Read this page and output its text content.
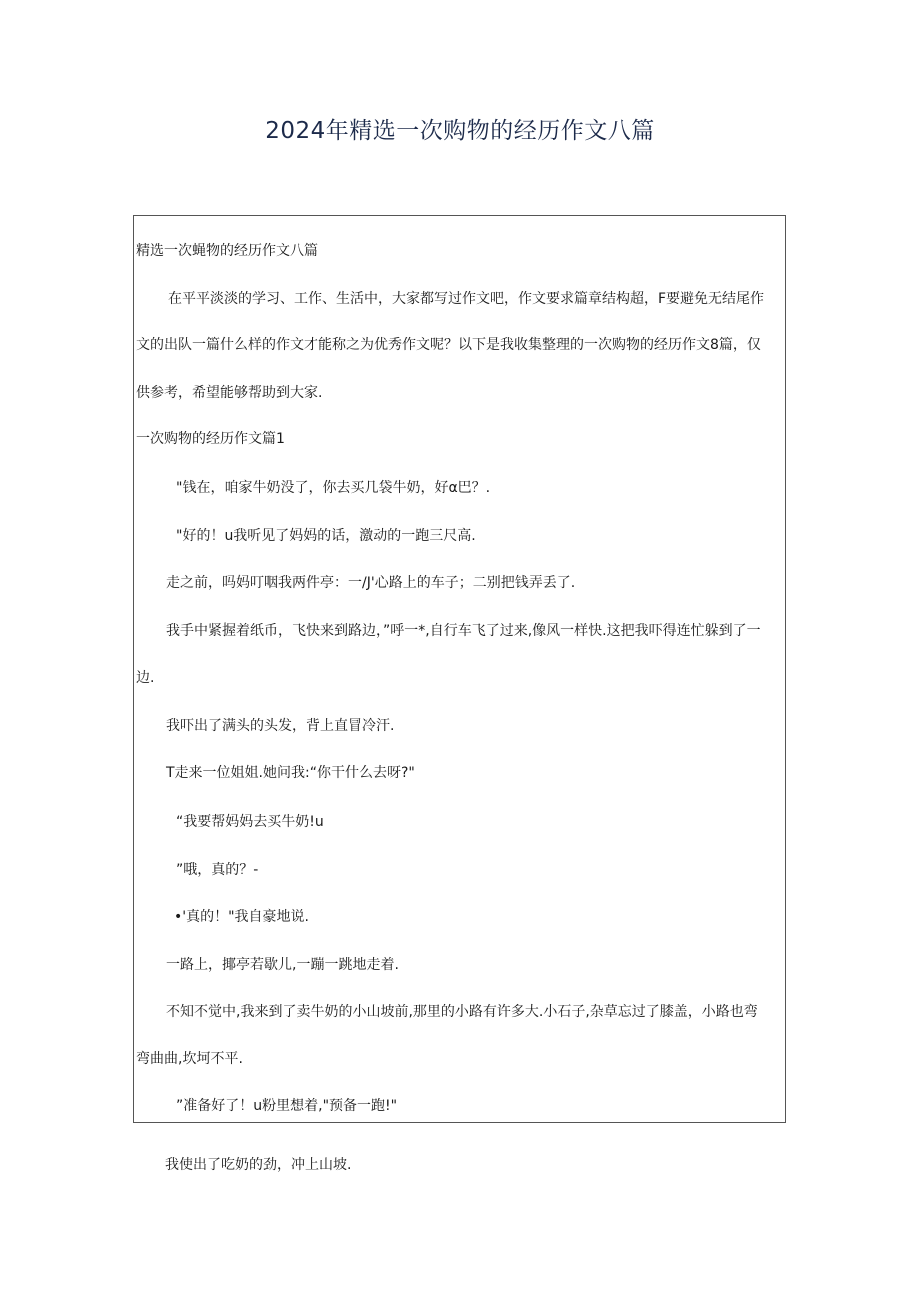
2024年精选一次购物的经历作文八篇
精选一次蝇物的经历作文八篇
在平平淡淡的学习、工作、生活中，大家都写过作文吧，作文要求篇章结构超，F要避免无结尾作
文的出队一篇什么样的作文才能称之为优秀作文呢？以下是我收集整理的一次购物的经历作文8篇，仅
供参考，希望能够帮助到大家.
一次购物的经历作文篇1
"钱在，咱家牛奶没了，你去买几袋牛奶，好α巴？.
"好的！u我听见了妈妈的话，激动的一跑三尺高.
走之前，吗妈叮咽我两件亭：一/J'心路上的车子；二别把钱弄丢了.
我手中紧握着纸币，飞快来到路边，”呼一*,自行车飞了过来,像风一样快.这把我吓得连忙躲到了一
边.
我吓出了满头的头发，背上直冒冷汗.
T走来一位姐姐.她问我:“你干什么去呀?"
“我要帮妈妈去买牛奶!u
”哦，真的？-
•'真的！"我自豪地说.
一路上，揶亭若歇儿,一蹦一跳地走着.
不知不觉中,我来到了卖牛奶的小山坡前,那里的小路有许多大.小石子,杂草忘过了膝盖，小路也弯
弯曲曲,坎坷不平.
”准备好了！u粉里想着,"预备一跑!"
我使出了吃奶的劲，冲上山坡.
